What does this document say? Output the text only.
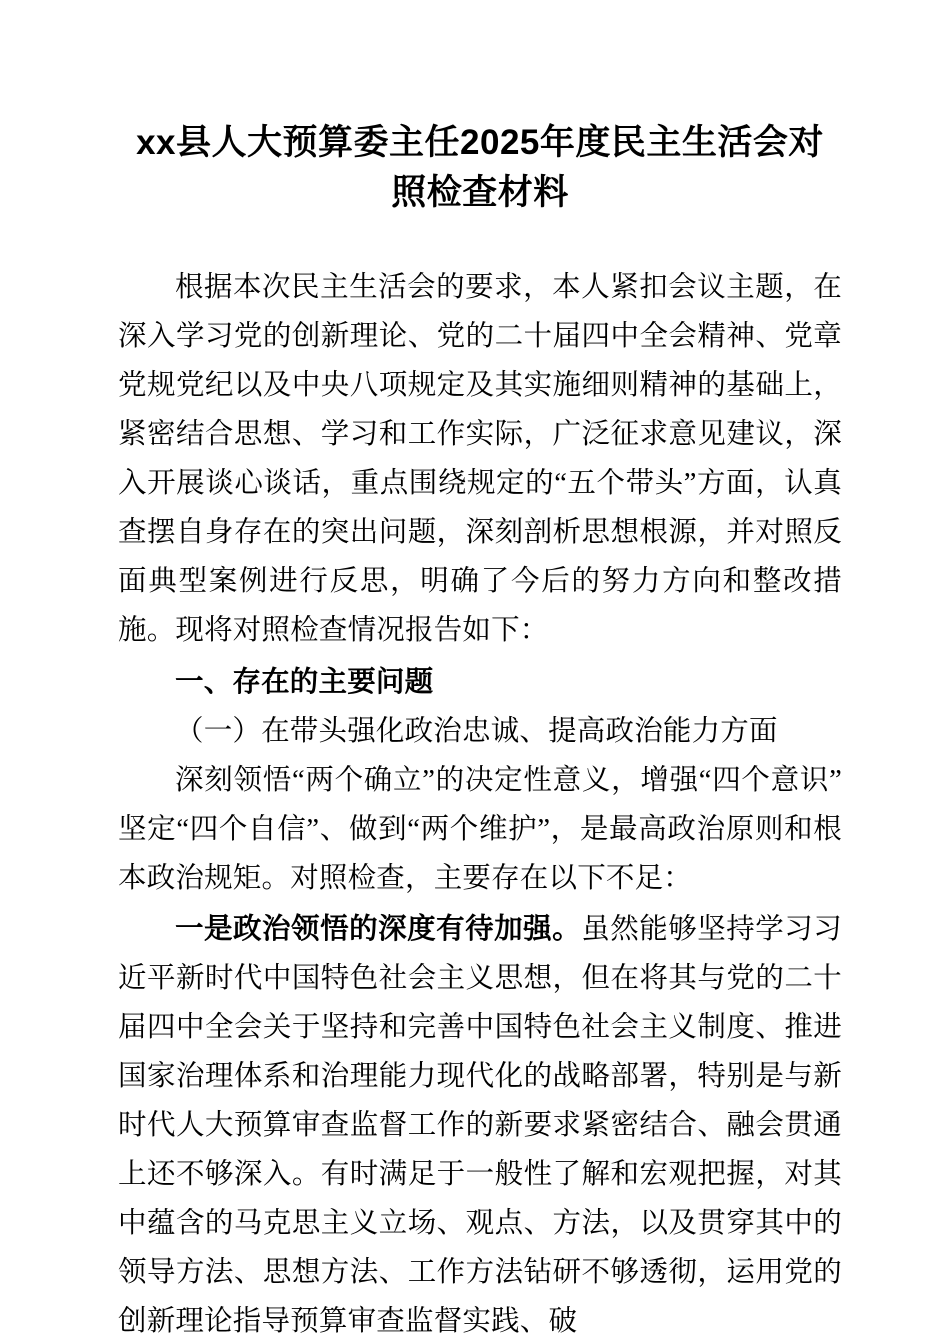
xx县人大预算委主任2025年度民主生活会对照检查材料

根据本次民主生活会的要求，本人紧扣会议主题，在深入学习党的创新理论、党的二十届四中全会精神、党章党规党纪以及中央八项规定及其实施细则精神的基础上，紧密结合思想、学习和工作实际，广泛征求意见建议，深入开展谈心谈话，重点围绕规定的“五个带头”方面，认真查摆自身存在的突出问题，深刻剖析思想根源，并对照反面典型案例进行反思，明确了今后的努力方向和整改措施。现将对照检查情况报告如下：

一、存在的主要问题

（一）在带头强化政治忠诚、提高政治能力方面

深刻领悟“两个确立”的决定性意义，增强“四个意识”坚定“四个自信”、做到“两个维护”，是最高政治原则和根本政治规矩。对照检查，主要存在以下不足：

一是政治领悟的深度有待加强。虽然能够坚持学习习近平新时代中国特色社会主义思想，但在将其与党的二十届四中全会关于坚持和完善中国特色社会主义制度、推进国家治理体系和治理能力现代化的战略部署，特别是与新时代人大预算审查监督工作的新要求紧密结合、融会贯通上还不够深入。有时满足于一般性了解和宏观把握，对其中蕴含的马克思主义立场、观点、方法，以及贯穿其中的领导方法、思想方法、工作方法钻研不够透彻，运用党的创新理论指导预算审查监督实践、破
